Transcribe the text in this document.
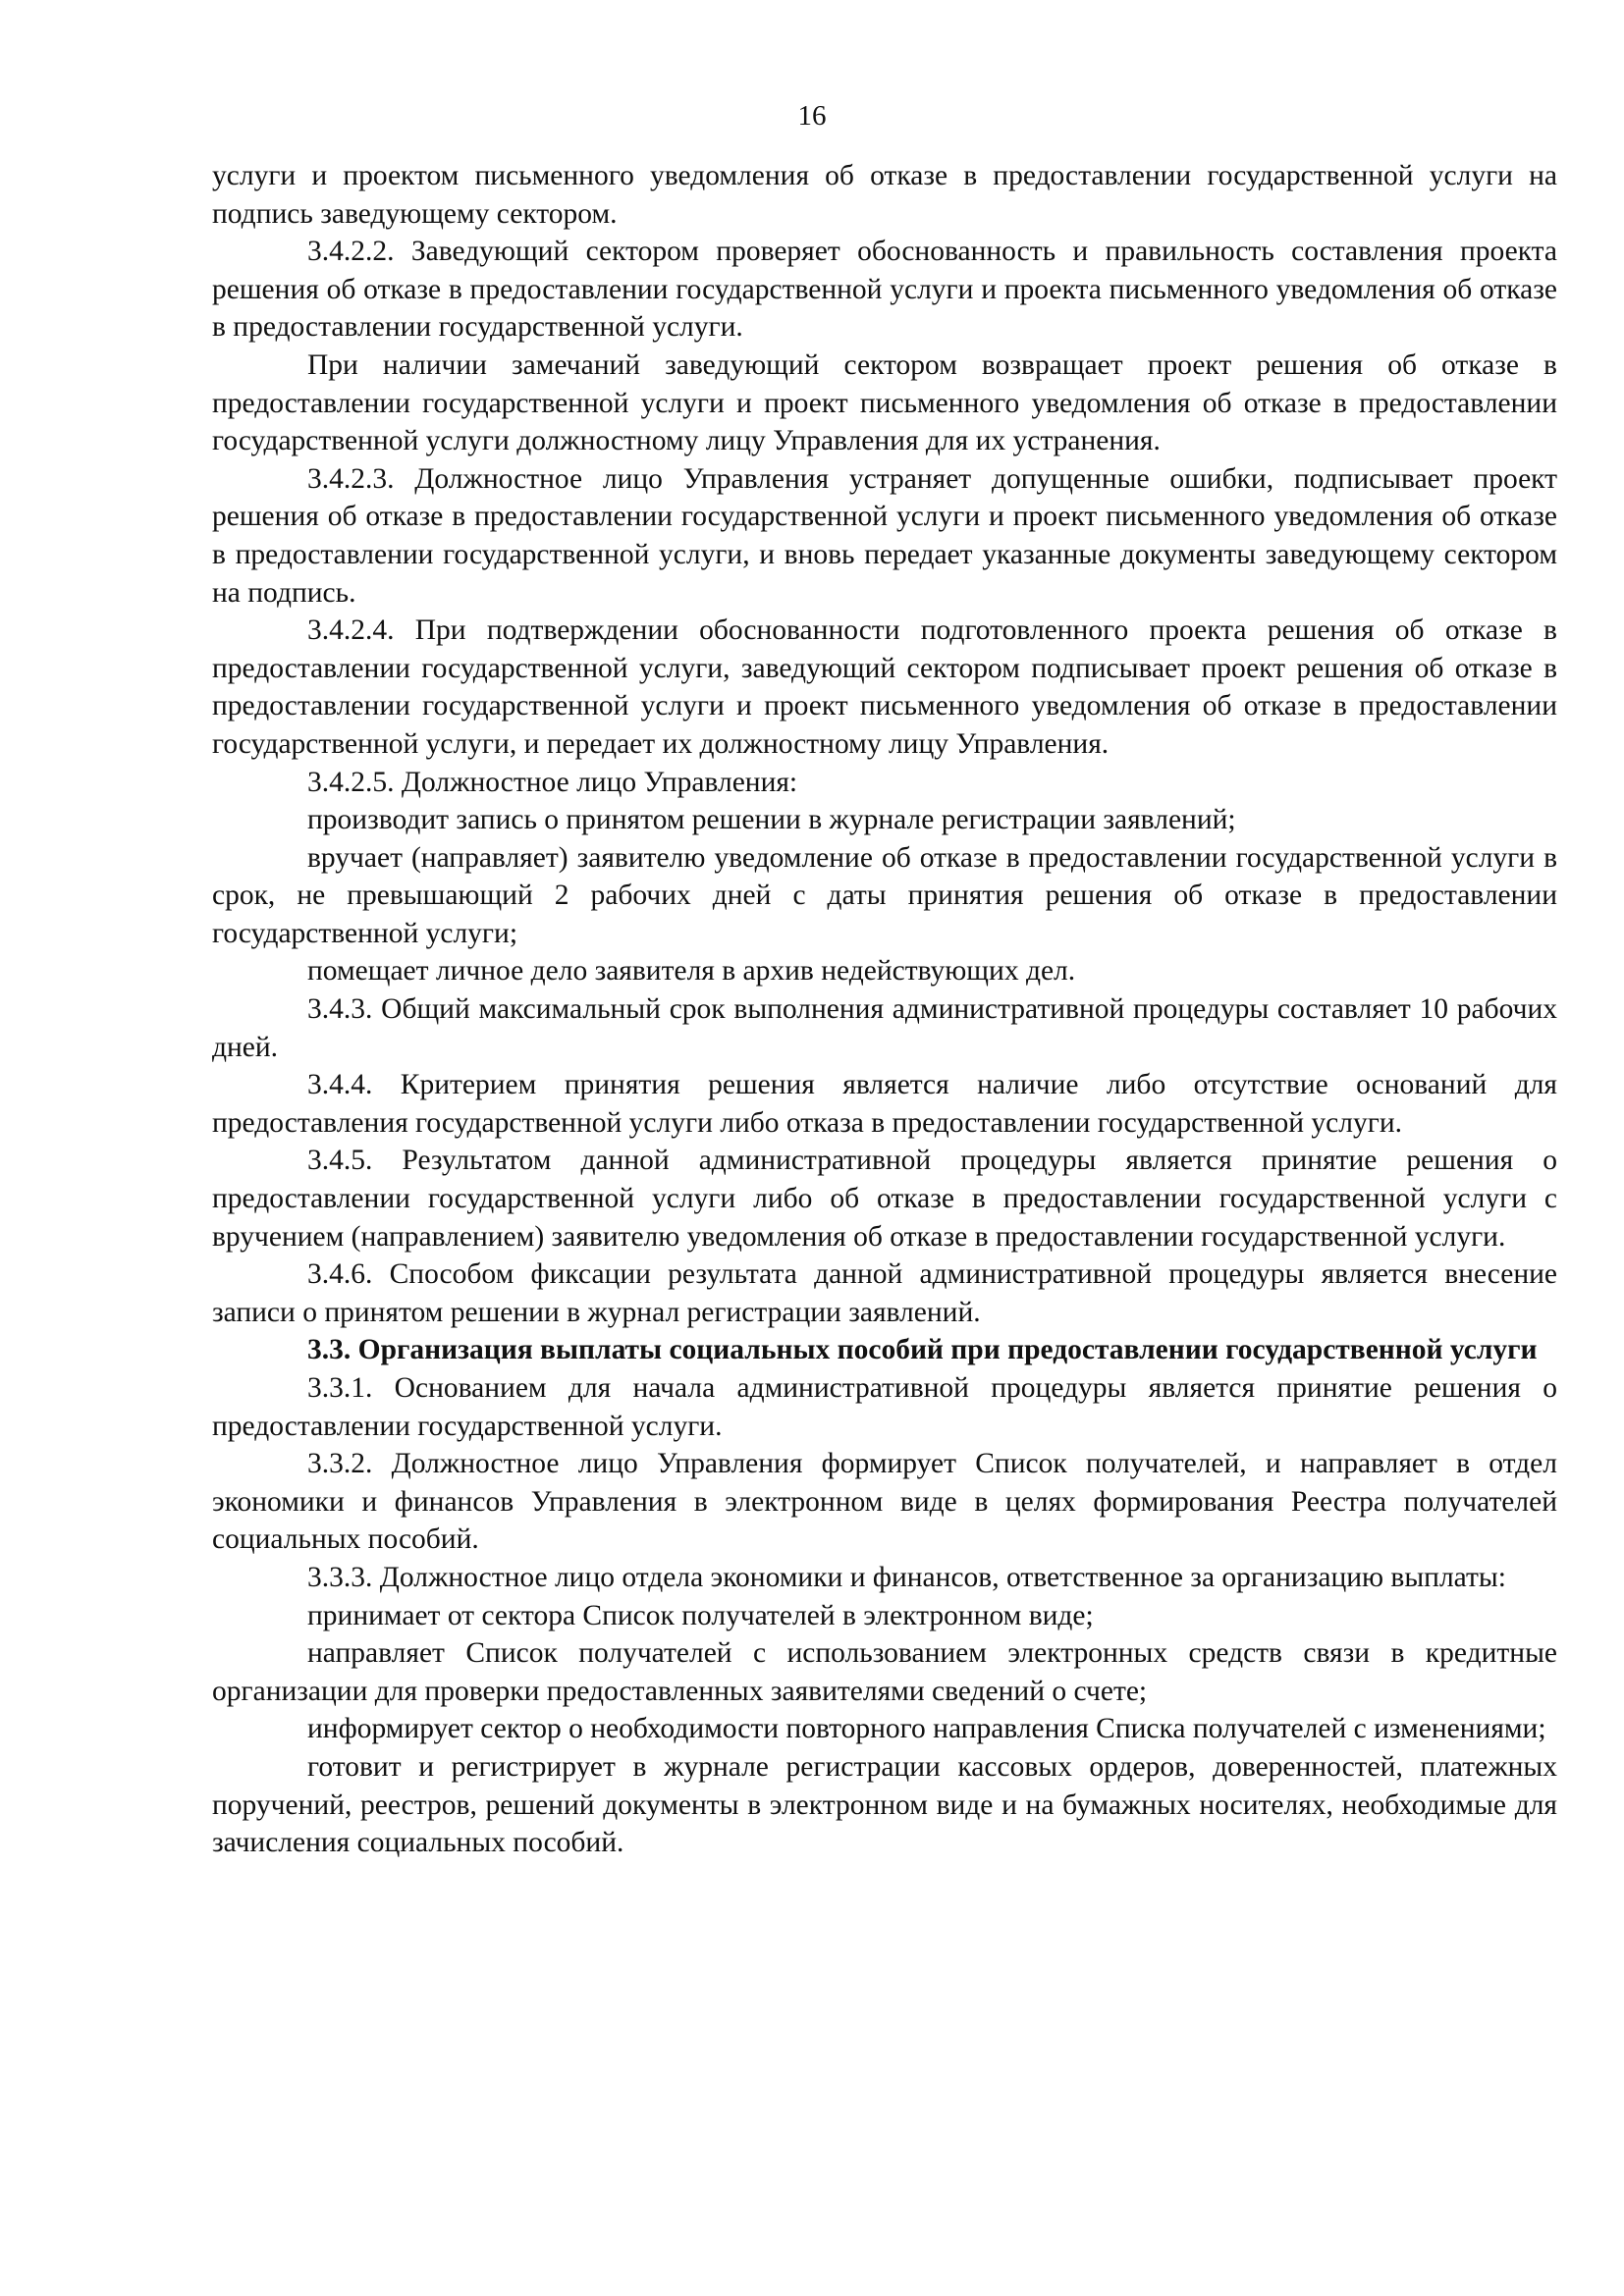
16

услуги и проектом письменного уведомления об отказе в предоставлении государственной услуги на подпись заведующему сектором.

3.4.2.2. Заведующий сектором проверяет обоснованность и правильность составления проекта решения об отказе в предоставлении государственной услуги и проекта письменного уведомления об отказе в предоставлении государственной услуги.

При наличии замечаний заведующий сектором возвращает проект решения об отказе в предоставлении государственной услуги и проект письменного уведомления об отказе в предоставлении государственной услуги должностному лицу Управления для их устранения.

3.4.2.3. Должностное лицо Управления устраняет допущенные ошибки, подписывает проект решения об отказе в предоставлении государственной услуги и проект письменного уведомления об отказе в предоставлении государственной услуги, и вновь передает указанные документы заведующему сектором на подпись.

3.4.2.4. При подтверждении обоснованности подготовленного проекта решения об отказе в предоставлении государственной услуги, заведующий сектором подписывает проект решения об отказе в предоставлении государственной услуги и проект письменного уведомления об отказе в предоставлении государственной услуги, и передает их должностному лицу Управления.

3.4.2.5. Должностное лицо Управления:

производит запись о принятом решении в журнале регистрации заявлений;

вручает (направляет) заявителю уведомление об отказе в предоставлении государственной услуги в срок, не превышающий 2 рабочих дней с даты принятия решения об отказе в предоставлении государственной услуги;

помещает личное дело заявителя в архив недействующих дел.

3.4.3. Общий максимальный срок выполнения административной процедуры составляет 10 рабочих дней.

3.4.4. Критерием принятия решения является наличие либо отсутствие оснований для предоставления государственной услуги либо отказа в предоставлении государственной услуги.

3.4.5. Результатом данной административной процедуры является принятие решения о предоставлении государственной услуги либо об отказе в предоставлении государственной услуги с вручением (направлением) заявителю уведомления об отказе в предоставлении государственной услуги.

3.4.6. Способом фиксации результата данной административной процедуры является внесение записи о принятом решении в журнал регистрации заявлений.

3.3. Организация выплаты социальных пособий при предоставлении государственной услуги

3.3.1. Основанием для начала административной процедуры является принятие решения о предоставлении государственной услуги.

3.3.2. Должностное лицо Управления формирует Список получателей, и направляет в отдел экономики и финансов Управления в электронном виде в целях формирования Реестра получателей социальных пособий.

3.3.3. Должностное лицо отдела экономики и финансов, ответственное за организацию выплаты:

принимает от сектора Список получателей в электронном виде;

направляет Список получателей с использованием электронных средств связи в кредитные организации для проверки предоставленных заявителями сведений о счете;

информирует сектор о необходимости повторного направления Списка получателей с изменениями;

готовит и регистрирует в журнале регистрации кассовых ордеров, доверенностей, платежных поручений, реестров, решений документы в электронном виде и на бумажных носителях, необходимые для зачисления социальных пособий.
